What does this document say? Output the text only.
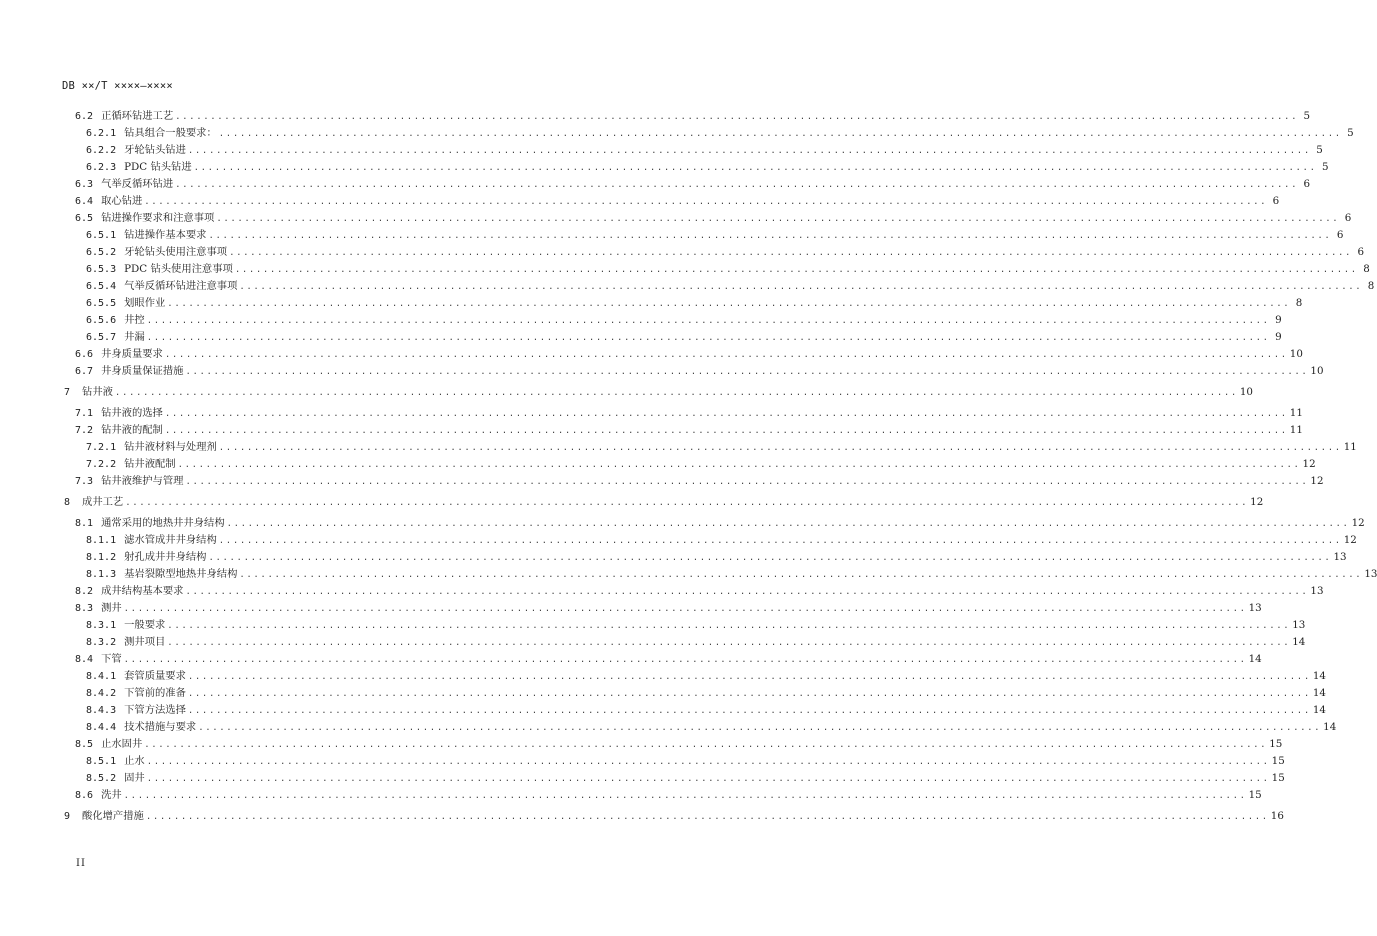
DB ××/T ××××—××××
6.2 正循环钻进工艺 ................................................................................................................................................................ 5
6.2.1 钻具组合一般要求： ................................................................................................................................................................ 5
6.2.2 牙轮钻头钻进 ................................................................................................................................................................ 5
6.2.3 PDC 钻头钻进 ................................................................................................................................................................ 5
6.3 气举反循环钻进 ................................................................................................................................................................ 6
6.4 取心钻进 ................................................................................................................................................................ 6
6.5 钻进操作要求和注意事项 ................................................................................................................................................................ 6
6.5.1 钻进操作基本要求 ................................................................................................................................................................ 6
6.5.2 牙轮钻头使用注意事项 ................................................................................................................................................................ 6
6.5.3 PDC 钻头使用注意事项 ................................................................................................................................................................ 8
6.5.4 气举反循环钻进注意事项 ................................................................................................................................................................ 8
6.5.5 划眼作业 ................................................................................................................................................................ 8
6.5.6 井控 ................................................................................................................................................................ 9
6.5.7 井漏 ................................................................................................................................................................ 9
6.6 井身质量要求 ................................................................................................................................................................ 10
6.7 井身质量保证措施 ................................................................................................................................................................ 10
7 钻井液 ................................................................................................................................................................ 10
7.1 钻井液的选择 ................................................................................................................................................................ 11
7.2 钻井液的配制 ................................................................................................................................................................ 11
7.2.1 钻井液材料与处理剂 ................................................................................................................................................................ 11
7.2.2 钻井液配制 ................................................................................................................................................................ 12
7.3 钻井液维护与管理 ................................................................................................................................................................ 12
8 成井工艺 ................................................................................................................................................................ 12
8.1 通常采用的地热井井身结构 ................................................................................................................................................................ 12
8.1.1 滤水管成井井身结构 ................................................................................................................................................................ 12
8.1.2 射孔成井井身结构 ................................................................................................................................................................ 13
8.1.3 基岩裂隙型地热井身结构 ................................................................................................................................................................ 13
8.2 成井结构基本要求 ................................................................................................................................................................ 13
8.3 测井 ................................................................................................................................................................ 13
8.3.1 一般要求 ................................................................................................................................................................ 13
8.3.2 测井项目 ................................................................................................................................................................ 14
8.4 下管 ................................................................................................................................................................ 14
8.4.1 套管质量要求 ................................................................................................................................................................ 14
8.4.2 下管前的准备 ................................................................................................................................................................ 14
8.4.3 下管方法选择 ................................................................................................................................................................ 14
8.4.4 技术措施与要求 ................................................................................................................................................................ 14
8.5 止水固井 ................................................................................................................................................................ 15
8.5.1 止水 ................................................................................................................................................................ 15
8.5.2 固井 ................................................................................................................................................................ 15
8.6 洗井 ................................................................................................................................................................ 15
9 酸化增产措施 ................................................................................................................................................................ 16
II
